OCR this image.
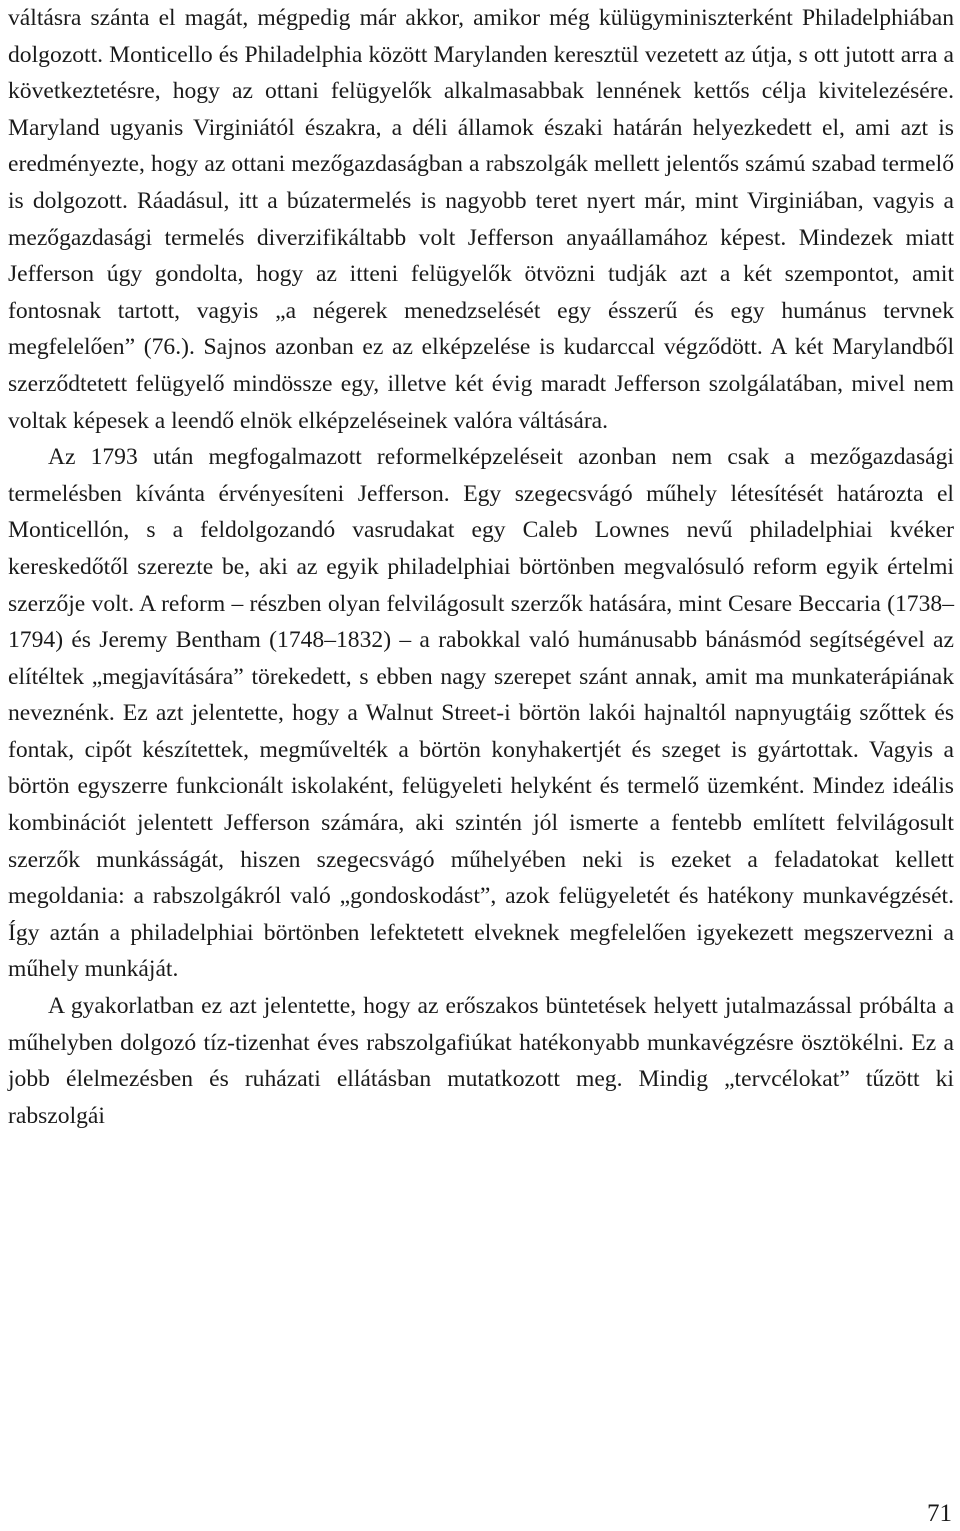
váltásra szánta el magát, mégpedig már akkor, amikor még külügyminiszterként Philadelphiában dolgozott. Monticello és Philadelphia között Marylanden keresztül vezetett az útja, s ott jutott arra a következtetésre, hogy az ottani felügyelők alkalmasabbak lennének kettős célja kivitelezésére. Maryland ugyanis Virginiától északra, a déli államok északi határán helyezkedett el, ami azt is eredményezte, hogy az ottani mezőgazdaságban a rabszolgák mellett jelentős számú szabad termelő is dolgozott. Ráadásul, itt a búzatermelés is nagyobb teret nyert már, mint Virginiában, vagyis a mezőgazdasági termelés diverzifikáltabb volt Jefferson anyaállamához képest. Mindezek miatt Jefferson úgy gondolta, hogy az itteni felügyelők ötvözni tudják azt a két szempontot, amit fontosnak tartott, vagyis „a négerek menedzselését egy ésszerű és egy humánus tervnek megfelelően” (76.). Sajnos azonban ez az elképzelése is kudarccal végződött. A két Marylandből szerződtetett felügyelő mindössze egy, illetve két évig maradt Jefferson szolgálatában, mivel nem voltak képesek a leendő elnök elképzeléseinek valóra váltására.

Az 1793 után megfogalmazott reformelképzeléseit azonban nem csak a mezőgazdasági termelésben kívánta érvényesíteni Jefferson. Egy szegecsvágó műhely létesítését határozta el Monticellón, s a feldolgozandó vasrudakat egy Caleb Lownes nevű philadelphiai kvéker kereskedőtől szerezte be, aki az egyik philadelphiai börtönben megvalósuló reform egyik értelmi szerzője volt. A reform – részben olyan felvilágosult szerzők hatására, mint Cesare Beccaria (1738–1794) és Jeremy Bentham (1748–1832) – a rabokkal való humánusabb bánásmód segítségével az elítéltek „megjavítására” törekedett, s ebben nagy szerepet szánt annak, amit ma munkaterápiának neveznénk. Ez azt jelentette, hogy a Walnut Street-i börtön lakói hajnaltól napnyugtáig szőttek és fontak, cipőt készítettek, megművelték a börtön konyhakertjét és szeget is gyártottak. Vagyis a börtön egyszerre funkcionált iskolaként, felügyeleti helyként és termelő üzemként. Mindez ideális kombinációt jelentett Jefferson számára, aki szintén jól ismerte a fentebb említett felvilágosult szerzők munkásságát, hiszen szegecsvágó műhelyében neki is ezeket a feladatokat kellett megoldania: a rabszolgákról való „gondoskodást”, azok felügyeletét és hatékony munkavégzését. Így aztán a philadelphiai börtönben lefektetett elveknek megfelelően igyekezett megszervezni a műhely munkáját.

A gyakorlatban ez azt jelentette, hogy az erőszakos büntetések helyett jutalmazással próbálta a műhelyben dolgozó tíz-tizenhat éves rabszolgafiúkat hatékonyabb munkavégzésre ösztökélni. Ez a jobb élelmezésben és ruházati ellátásban mutatkozott meg. Mindig „tervcélokat” tűzött ki rabszolgái

71
